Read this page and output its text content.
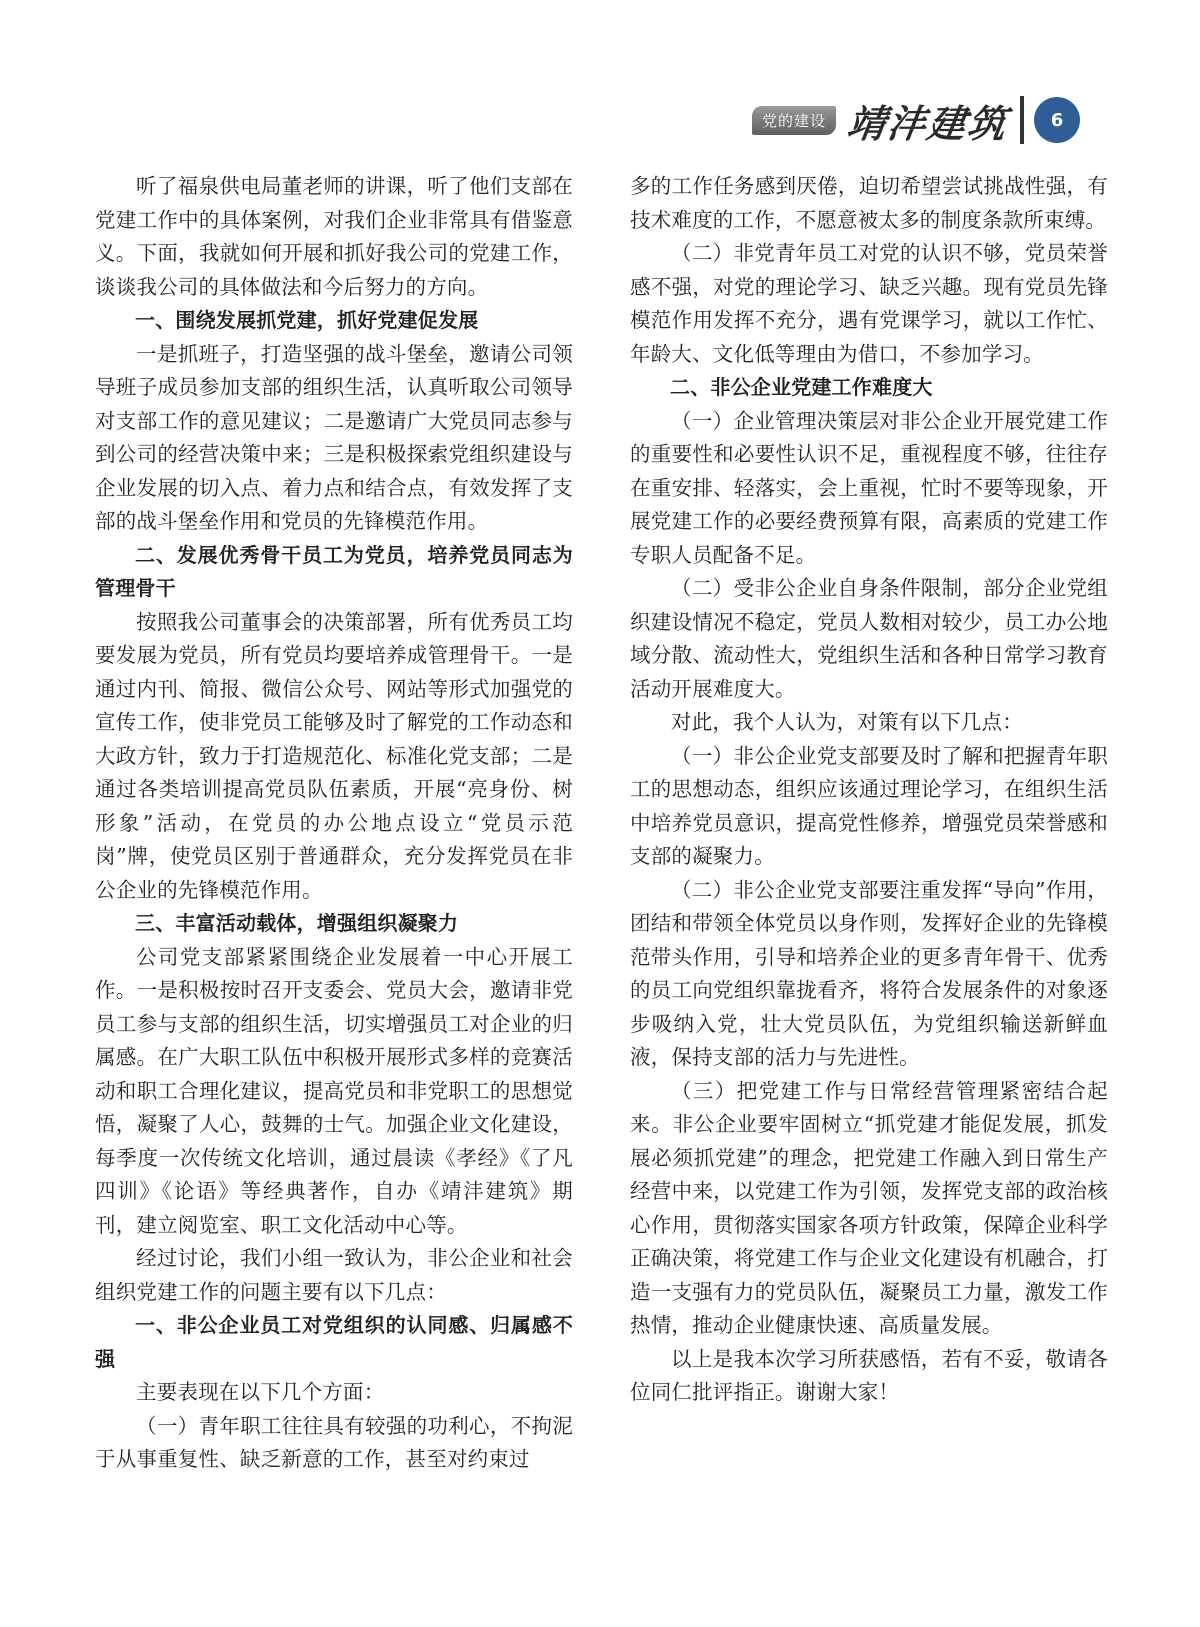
党的建设 靖沣建筑	6

听了福泉供电局董老师的讲课，听了他们支部在党建工作中的具体案例，对我们企业非常具有借鉴意义。下面，我就如何开展和抓好我公司的党建工作，谈谈我公司的具体做法和今后努力的方向。

一、围绕发展抓党建，抓好党建促发展

一是抓班子，打造坚强的战斗堡垒，邀请公司领导班子成员参加支部的组织生活，认真听取公司领导对支部工作的意见建议；二是邀请广大党员同志参与到公司的经营决策中来；三是积极探索党组织建设与企业发展的切入点、着力点和结合点，有效发挥了支部的战斗堡垒作用和党员的先锋模范作用。

二、发展优秀骨干员工为党员，培养党员同志为管理骨干

按照我公司董事会的决策部署，所有优秀员工均要发展为党员，所有党员均要培养成管理骨干。一是通过内刊、简报、微信公众号、网站等形式加强党的宣传工作，使非党员工能够及时了解党的工作动态和大政方针，致力于打造规范化、标准化党支部；二是通过各类培训提高党员队伍素质，开展“亮身份、树形象”活动，在党员的办公地点设立“党员示范岗”牌，使党员区别于普通群众，充分发挥党员在非公企业的先锋模范作用。

三、丰富活动载体，增强组织凝聚力

公司党支部紧紧围绕企业发展着一中心开展工作。一是积极按时召开支委会、党员大会，邀请非党员工参与支部的组织生活，切实增强员工对企业的归属感。在广大职工队伍中积极开展形式多样的竞赛活动和职工合理化建议，提高党员和非党职工的思想觉悟，凝聚了人心，鼓舞的士气。加强企业文化建设，每季度一次传统文化培训，通过晨读《孝经》《了凡四训》《论语》等经典著作，自办《靖沣建筑》期刊，建立阅览室、职工文化活动中心等。

经过讨论，我们小组一致认为，非公企业和社会组织党建工作的问题主要有以下几点：

一、非公企业员工对党组织的认同感、归属感不强

主要表现在以下几个方面：

（一）青年职工往往具有较强的功利心，不拘泥于从事重复性、缺乏新意的工作，甚至对约束过

多的工作任务感到厌倦，迫切希望尝试挑战性强，有技术难度的工作，不愿意被太多的制度条款所束缚。

（二）非党青年员工对党的认识不够，党员荣誉感不强，对党的理论学习、缺乏兴趣。现有党员先锋模范作用发挥不充分，遇有党课学习，就以工作忙、年龄大、文化低等理由为借口，不参加学习。

二、非公企业党建工作难度大

（一）企业管理决策层对非公企业开展党建工作的重要性和必要性认识不足，重视程度不够，往往存在重安排、轻落实，会上重视，忙时不要等现象，开展党建工作的必要经费预算有限，高素质的党建工作专职人员配备不足。

（二）受非公企业自身条件限制，部分企业党组织建设情况不稳定，党员人数相对较少，员工办公地域分散、流动性大，党组织生活和各种日常学习教育活动开展难度大。

对此，我个人认为，对策有以下几点：

（一）非公企业党支部要及时了解和把握青年职工的思想动态，组织应该通过理论学习，在组织生活中培养党员意识，提高党性修养，增强党员荣誉感和支部的凝聚力。

（二）非公企业党支部要注重发挥“导向”作用，团结和带领全体党员以身作则，发挥好企业的先锋模范带头作用，引导和培养企业的更多青年骨干、优秀的员工向党组织靠拢看齐，将符合发展条件的对象逐步吸纳入党，壮大党员队伍，为党组织输送新鲜血液，保持支部的活力与先进性。

（三）把党建工作与日常经营管理紧密结合起来。非公企业要牢固树立“抓党建才能促发展，抓发展必须抓党建”的理念，把党建工作融入到日常生产经营中来，以党建工作为引领，发挥党支部的政治核心作用，贯彻落实国家各项方针政策，保障企业科学正确决策，将党建工作与企业文化建设有机融合，打造一支强有力的党员队伍，凝聚员工力量，激发工作热情，推动企业健康快速、高质量发展。

以上是我本次学习所获感悟，若有不妥，敬请各位同仁批评指正。谢谢大家！
